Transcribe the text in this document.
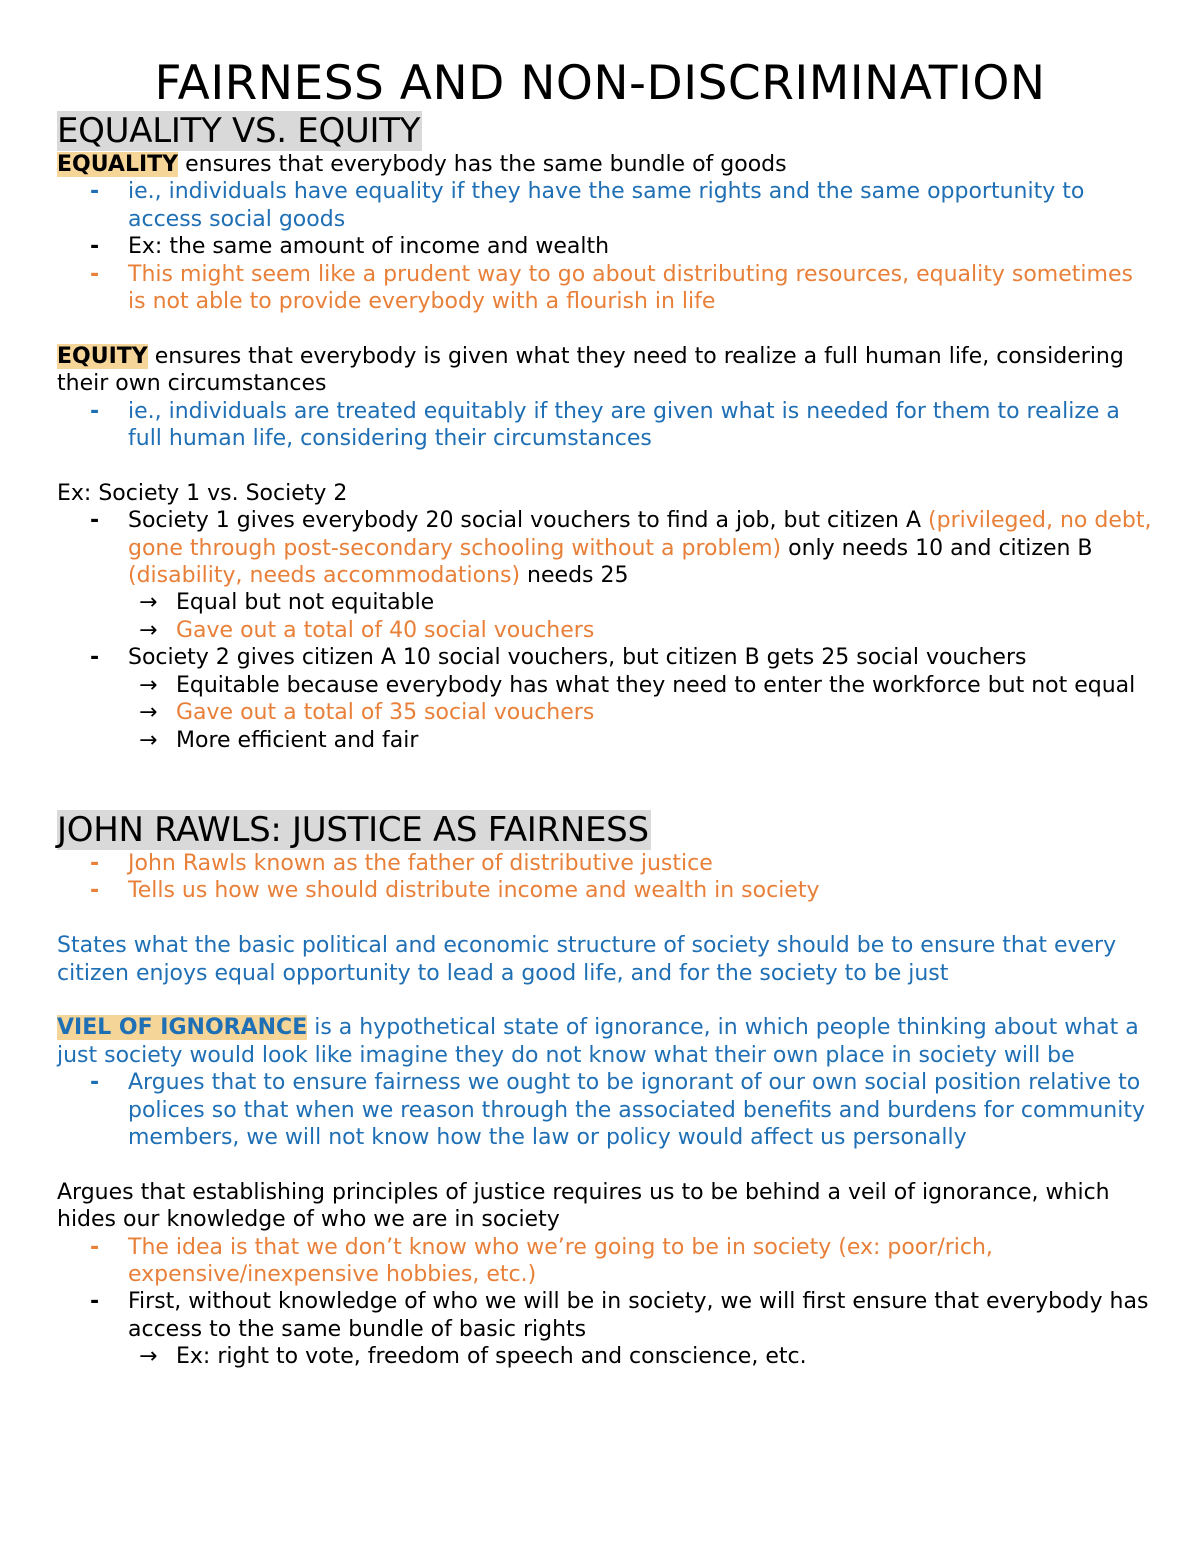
FAIRNESS AND NON-DISCRIMINATION
EQUALITY VS. EQUITY

EQUALITY ensures that everybody has the same bundle of goods

- ie., individuals have equality if they have the same rights and the same opportunity to access social goods
- Ex: the same amount of income and wealth
- This might seem like a prudent way to go about distributing resources, equality sometimes is not able to provide everybody with a flourish in life

EQUITY ensures that everybody is given what they need to realize a full human life, considering their own circumstances

- ie., individuals are treated equitably if they are given what is needed for them to realize a full human life, considering their circumstances

Ex: Society 1 vs. Society 2

- Society 1 gives everybody 20 social vouchers to find a job, but citizen A (privileged, no debt, gone through post-secondary schooling without a problem) only needs 10 and citizen B (disability, needs accommodations) needs 25
→ Equal but not equitable
→ Gave out a total of 40 social vouchers
- Society 2 gives citizen A 10 social vouchers, but citizen B gets 25 social vouchers
→ Equitable because everybody has what they need to enter the workforce but not equal
→ Gave out a total of 35 social vouchers
→ More efficient and fair
JOHN RAWLS: JUSTICE AS FAIRNESS
- John Rawls known as the father of distributive justice
- Tells us how we should distribute income and wealth in society

States what the basic political and economic structure of society should be to ensure that every citizen enjoys equal opportunity to lead a good life, and for the society to be just

VIEL OF IGNORANCE is a hypothetical state of ignorance, in which people thinking about what a just society would look like imagine they do not know what their own place in society will be

- Argues that to ensure fairness we ought to be ignorant of our own social position relative to polices so that when we reason through the associated benefits and burdens for community members, we will not know how the law or policy would affect us personally

Argues that establishing principles of justice requires us to be behind a veil of ignorance, which hides our knowledge of who we are in society

- The idea is that we don’t know who we’re going to be in society (ex: poor/rich, expensive/inexpensive hobbies, etc.)
- First, without knowledge of who we will be in society, we will first ensure that everybody has access to the same bundle of basic rights
→ Ex: right to vote, freedom of speech and conscience, etc.
